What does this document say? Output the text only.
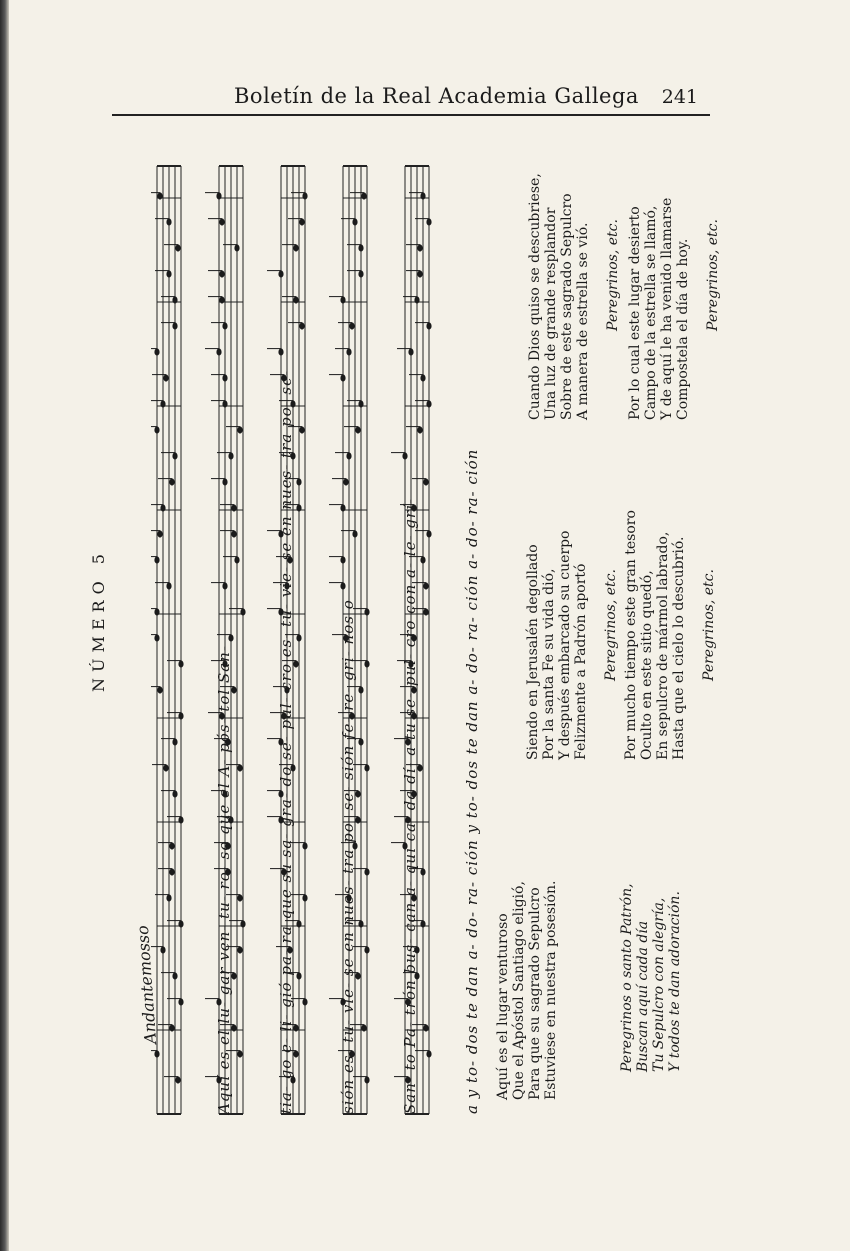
Boletín de la Real Academia Gallega 241
NÚMERO 5
Andantemosso	Aquí es el lu- gar ven- tu- ro- so que el A- pós- tol San-	tia- go e- li- gió pa- ra que su sa- gra- do se- pul- cro es- tu- vie- se en nues- tra po- se-	sión es- tu- vie- se en nues- tra po- se- sión fe- re- gri- nos o	San- to Pa- trón bus- can a- quí ca- da dí- a tu se- pul- cro con a- le- grí-	a y to- dos te dan a- do- ra- ción y to- dos te dan a- do- ra- ción a- do- ra- ción Aquí es el lugar venturoso Que el Apóstol Santiago eligió, Para que su sagrado Sepulcro Estuviese en nuestra posesión.	Peregrinos o santo Patrón, Buscan aquí cada día Tu Sepulcro con alegría, Y todos te dan adoración.
Siendo en Jerusalén degollado Por la santa Fe su vida dió, Y después embarcado su cuerpo Felizmente a Padrón aportó Peregrinos, etc. Por mucho tiempo este gran tesoro Oculto en este sitio quedó, En sepulcro de mármol labrado, Hasta que el cielo lo descubrió. Peregrinos, etc.
Cuando Dios quiso se descubriese, Una luz de grande resplandor Sobre de este sagrado Sepulcro A manera de estrella se vió. Peregrinos, etc. Por lo cual este lugar desierto Campo de la estrella se llamó, Y de aquí le ha venido llamarse Compostela el día de hoy. Peregrinos, etc.
